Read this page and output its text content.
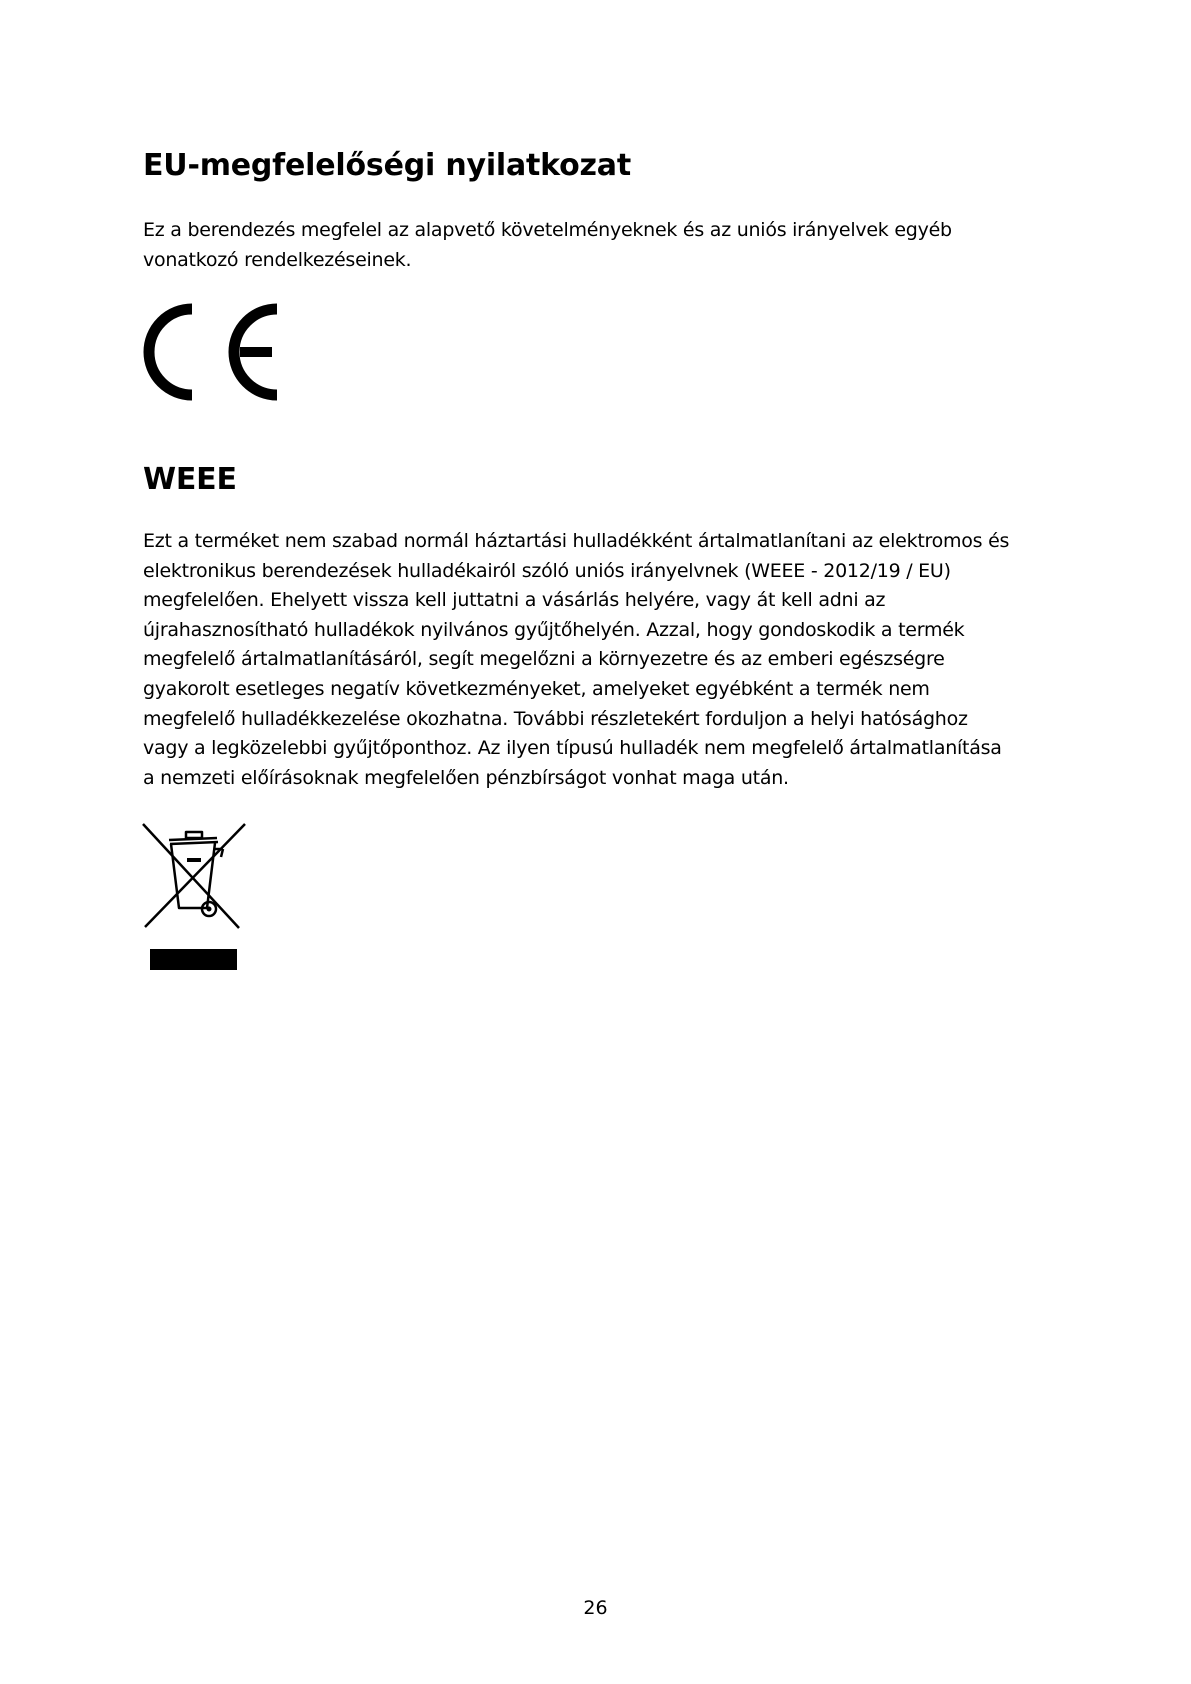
EU-megfelelőségi nyilatkozat

Ez a berendezés megfelel az alapvető követelményeknek és az uniós irányelvek egyéb
vonatkozó rendelkezéseinek.

WEEE

Ezt a terméket nem szabad normál háztartási hulladékként ártalmatlanítani az elektromos és
elektronikus berendezések hulladékairól szóló uniós irányelvnek (WEEE - 2012/19 / EU)
megfelelően. Ehelyett vissza kell juttatni a vásárlás helyére, vagy át kell adni az
újrahasznosítható hulladékok nyilvános gyűjtőhelyén. Azzal, hogy gondoskodik a termék
megfelelő ártalmatlanításáról, segít megelőzni a környezetre és az emberi egészségre
gyakorolt esetleges negatív következményeket, amelyeket egyébként a termék nem
megfelelő hulladékkezelése okozhatna. További részletekért forduljon a helyi hatósághoz
vagy a legközelebbi gyűjtőponthoz. Az ilyen típusú hulladék nem megfelelő ártalmatlanítása
a nemzeti előírásoknak megfelelően pénzbírságot vonhat maga után.

26
